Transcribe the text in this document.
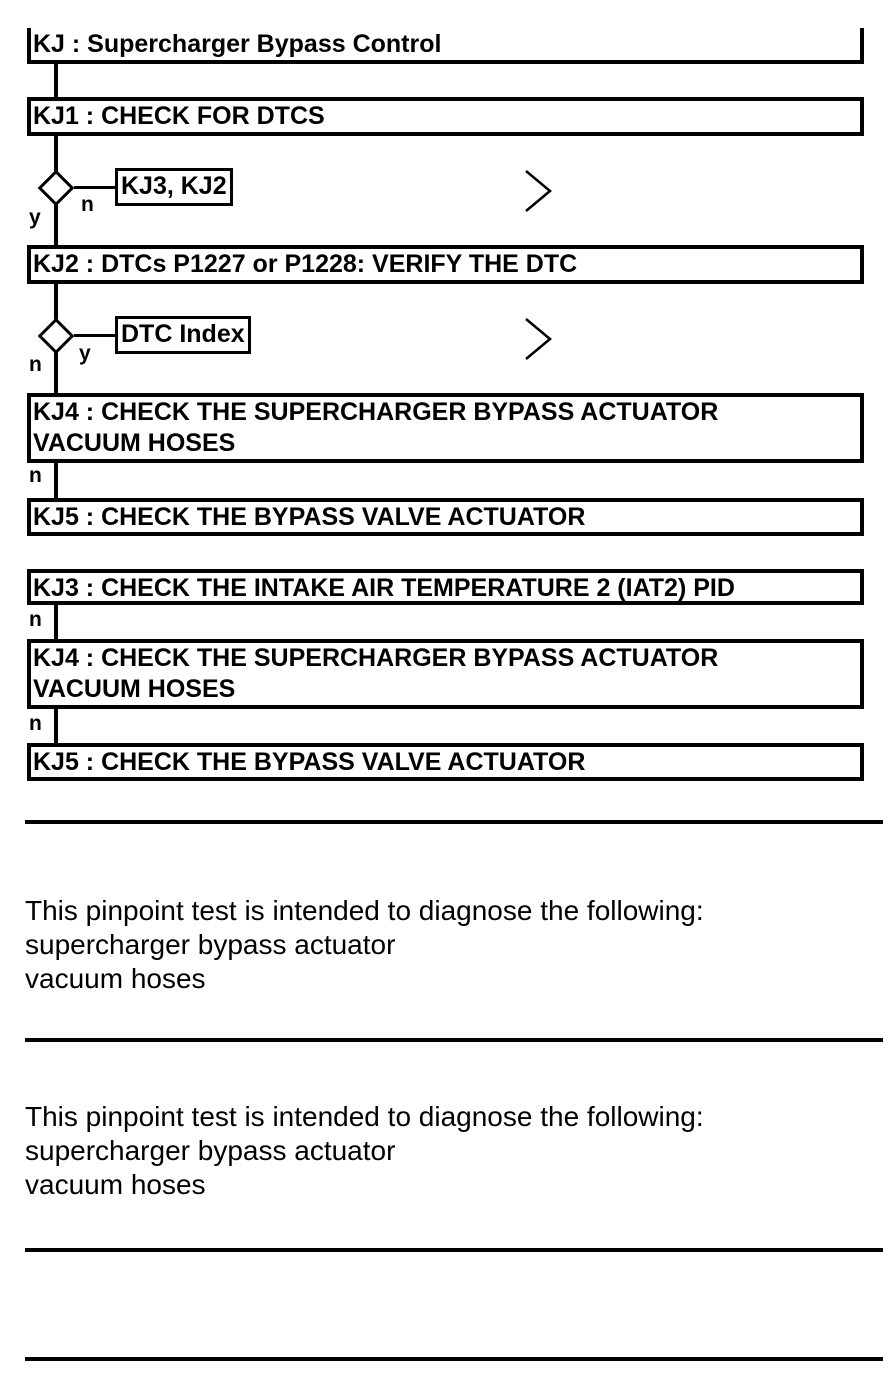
KJ : Supercharger Bypass Control
KJ1 : CHECK FOR DTCS
KJ3, KJ2
n
y
KJ2 : DTCs P1227 or P1228: VERIFY THE DTC
DTC Index
y
n
KJ4 : CHECK THE SUPERCHARGER BYPASS ACTUATOR
VACUUM HOSES
n
KJ5 : CHECK THE BYPASS VALVE ACTUATOR
KJ3 : CHECK THE INTAKE AIR TEMPERATURE 2 (IAT2) PID
n
KJ4 : CHECK THE SUPERCHARGER BYPASS ACTUATOR
VACUUM HOSES
n
KJ5 : CHECK THE BYPASS VALVE ACTUATOR
This pinpoint test is intended to diagnose the following:
supercharger bypass actuator
vacuum hoses
This pinpoint test is intended to diagnose the following:
supercharger bypass actuator
vacuum hoses
